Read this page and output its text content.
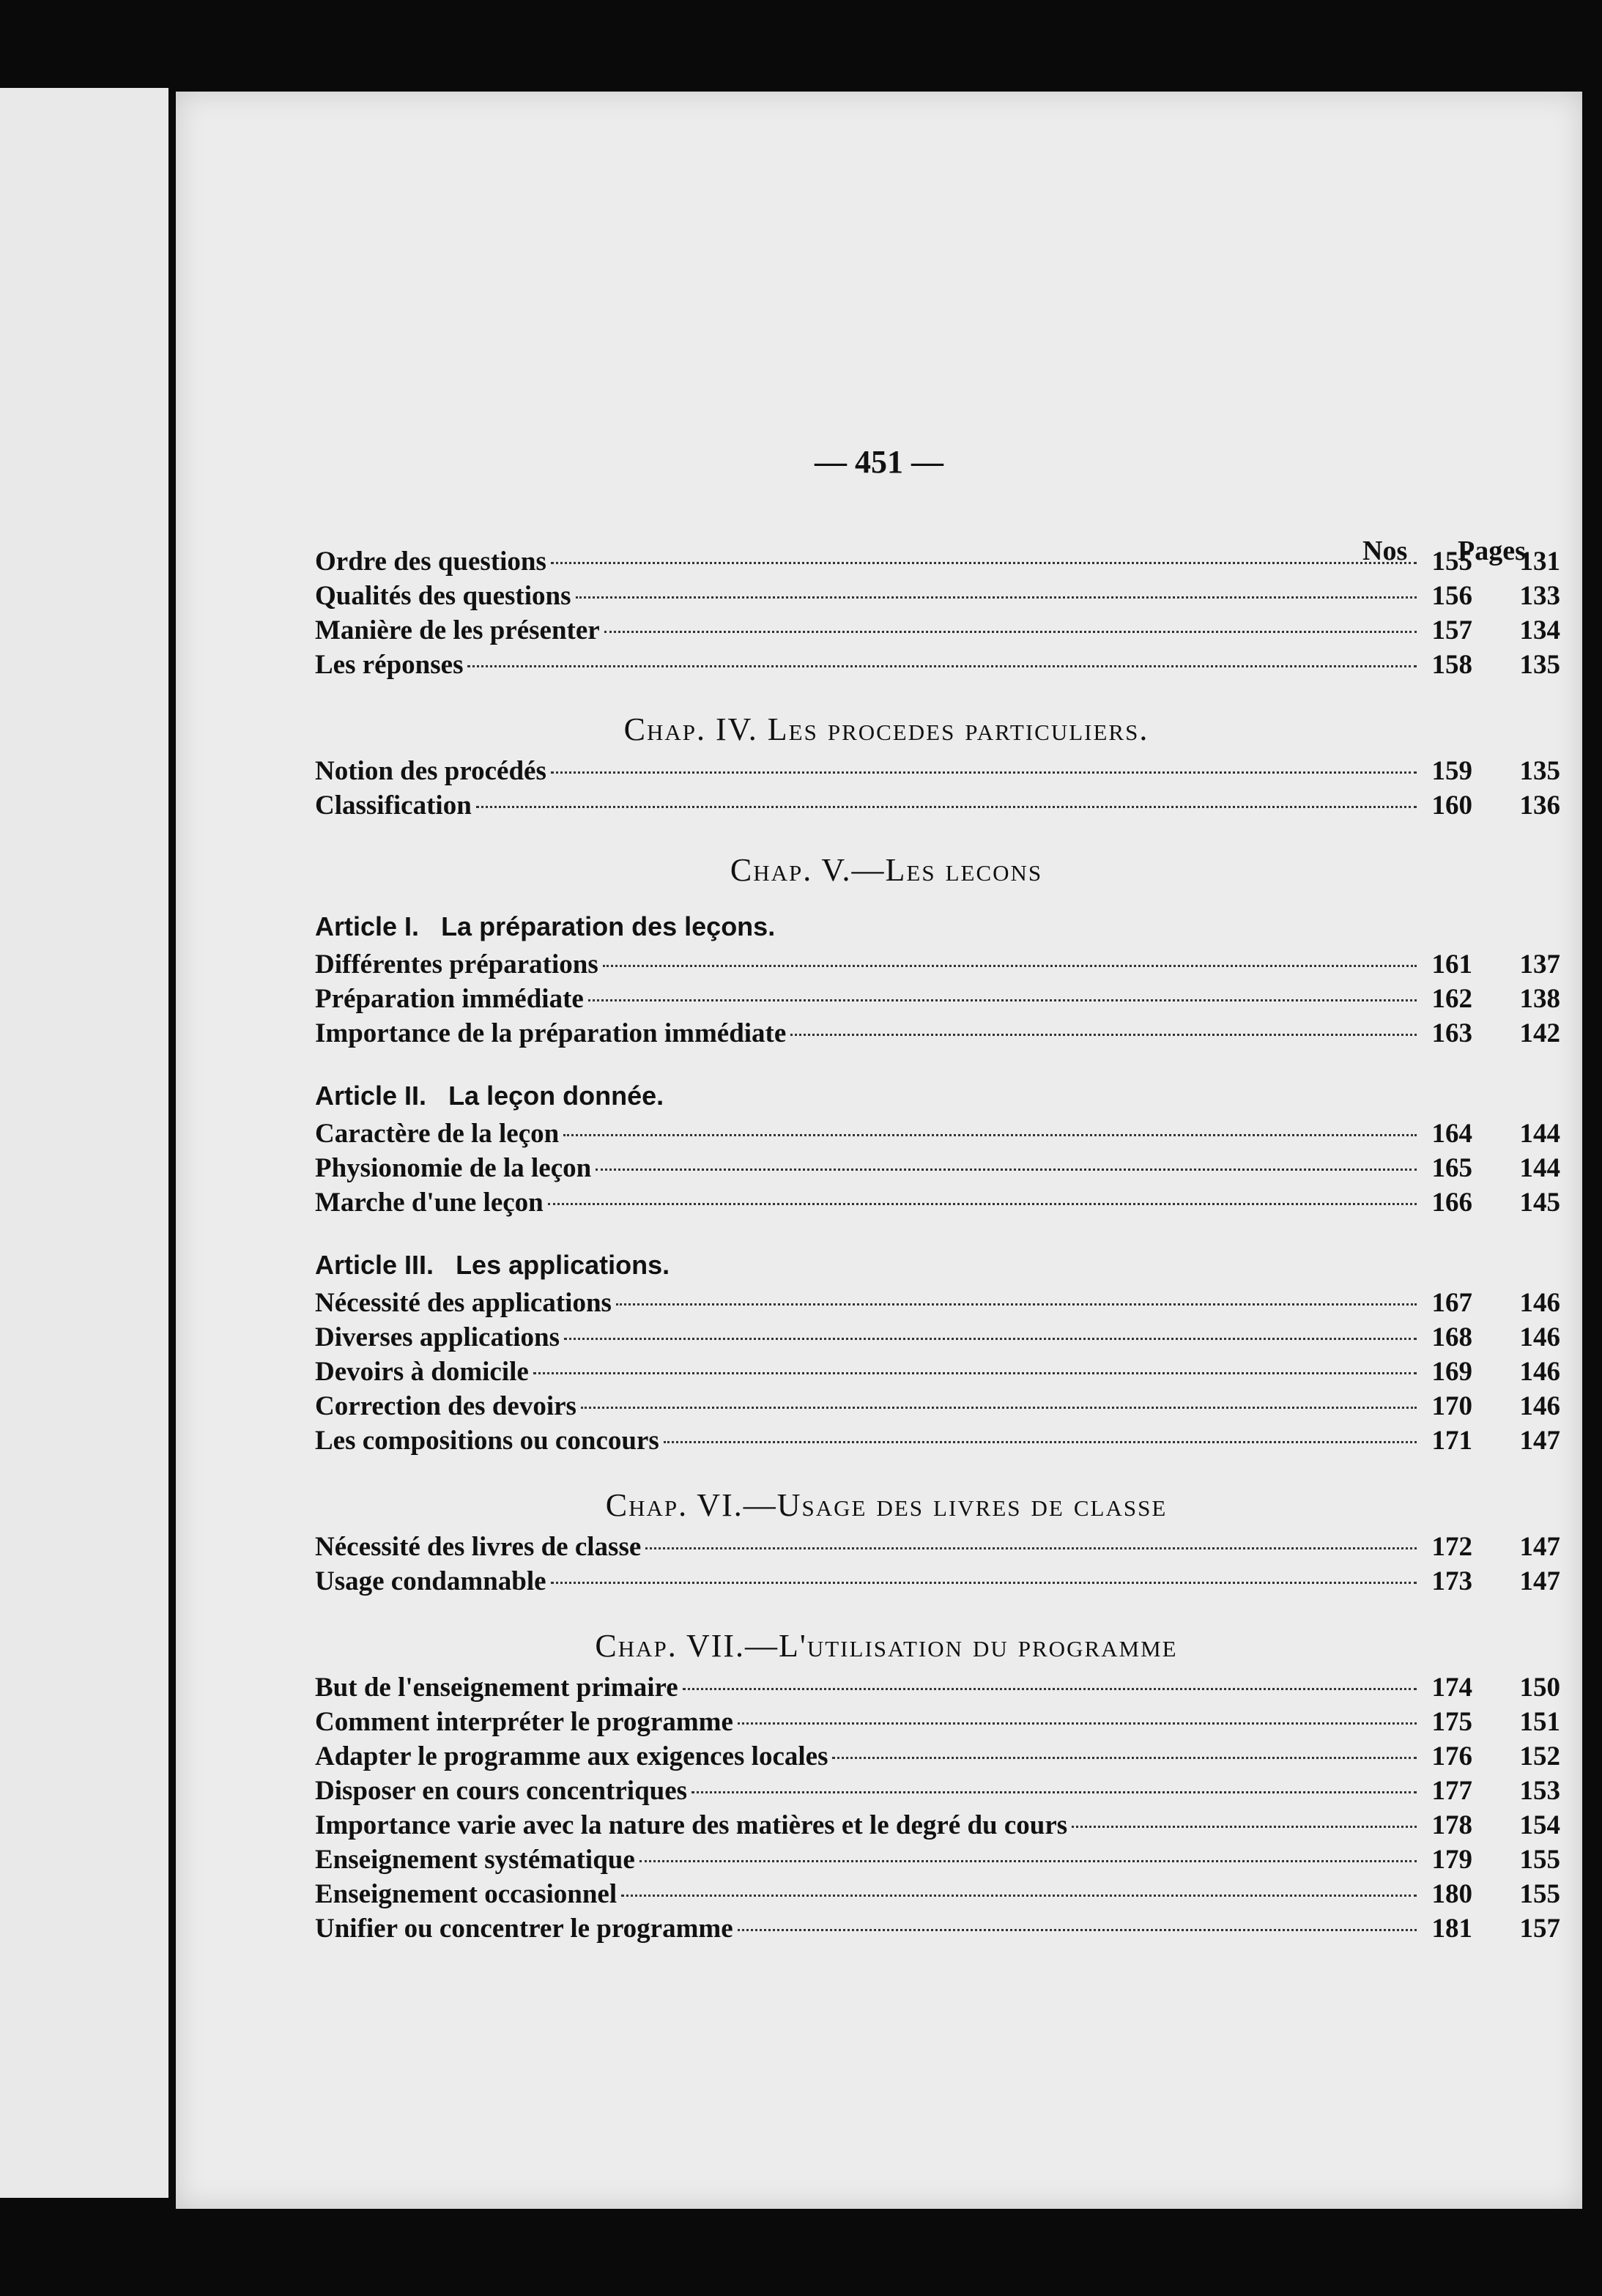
— 451 —
Nos Pages
Ordre des questions	155	131
Qualités des questions	156	133
Manière de les présenter	157	134
Les réponses	158	135
Chap. IV. Les procedes particuliers.
Notion des procédés	159	135
Classification	160	136
Chap. V.—Les lecons
Article I. La préparation des leçons.
Différentes préparations	161	137
Préparation immédiate	162	138
Importance de la préparation immédiate	163	142
Article II. La leçon donnée.
Caractère de la leçon	164	144
Physionomie de la leçon	165	144
Marche d'une leçon	166	145
Article III. Les applications.
Nécessité des applications	167	146
Diverses applications	168	146
Devoirs à domicile	169	146
Correction des devoirs	170	146
Les compositions ou concours	171	147
Chap. VI.—Usage des livres de classe
Nécessité des livres de classe	172	147
Usage condamnable	173	147
Chap. VII.—L'utilisation du programme
But de l'enseignement primaire	174	150
Comment interpréter le programme	175	151
Adapter le programme aux exigences locales	176	152
Disposer en cours concentriques	177	153
Importance varie avec la nature des matières et le degré du cours	178	154
Enseignement systématique	179	155
Enseignement occasionnel	180	155
Unifier ou concentrer le programme	181	157
